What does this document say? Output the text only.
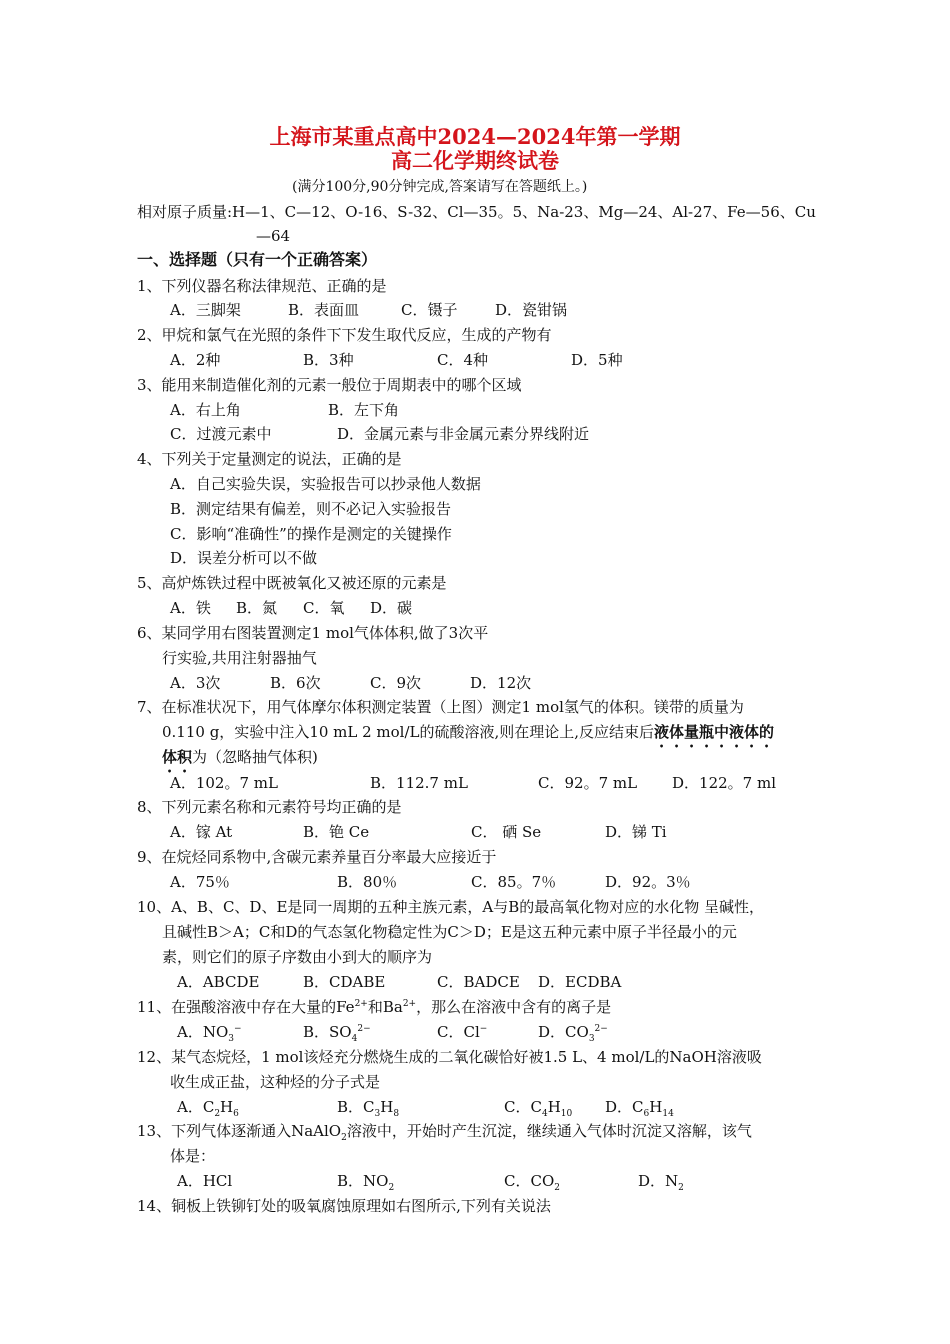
上海市某重点高中2024—2024年第一学期
高二化学期终试卷
(满分100分,90分钟完成,答案请写在答题纸上。)
相对原子质量:H—1、C—12、O-16、S-32、Cl—35。5、Na-23、Mg—24、Al-27、Fe—56、Cu
—64
一、选择题（只有一个正确答案）
1、下列仪器名称法律规范、正确的是
A．三脚架	B．表面皿	C．镊子	D．瓷钳锅
2、甲烷和氯气在光照的条件下下发生取代反应，生成的产物有
A．2种	B．3种	C．4种	D．5种
3、能用来制造催化剂的元素一般位于周期表中的哪个区域
A．右上角	B．左下角
C．过渡元素中	D．金属元素与非金属元素分界线附近
4、下列关于定量测定的说法，正确的是
A．自己实验失误，实验报告可以抄录他人数据
B．测定结果有偏差，则不必记入实验报告
C．影响“准确性”的操作是测定的关键操作
D．误差分析可以不做
5、高炉炼铁过程中既被氧化又被还原的元素是
A．铁 B．氮 C．氧 D．碳
6、某同学用右图装置测定1 mol气体体积,做了3次平
行实验,共用注射器抽气
A．3次	B．6次	C．9次	D．12次
7、在标准状况下，用气体摩尔体积测定装置（上图）测定1 mol氢气的体积。镁带的质量为
0.110 g，实验中注入10 mL 2 mol/L的硫酸溶液,则在理论上,反应结束后液体量瓶中液体的
体积为（忽略抽气体积)
A．102。7 mL	B．112.7 mL	C．92。7 mL D．122。7 ml
8、下列元素名称和元素符号均正确的是
A．镓 At	B．铯 Ce	C． 硒 Se	D．锑 Ti
9、在烷烃同系物中,含碳元素养量百分率最大应接近于
A．75％	B．80％	C．85。7％	D．92。3％
10、A、B、C、D、E是同一周期的五种主族元素，A与B的最高氧化物对应的水化物 呈碱性，
且碱性B＞A；C和D的气态氢化物稳定性为C＞D；E是这五种元素中原子半径最小的元
素，则它们的原子序数由小到大的顺序为
A．ABCDE	B．CDABE	C．BADCE D．ECDBA
11、在强酸溶液中存在大量的$Fe^{2+}$和$Ba^{2+}$，那么在溶液中含有的离子是
A．$NO_3^-$	B．$SO_4^{2-}$	C．Cl−	D．$CO_3^{2-}$
12、某气态烷烃，1 mol该烃充分燃烧生成的二氧化碳恰好被1.5 L、4 mol/L的NaOH溶液吸
收生成正盐，这种烃的分子式是
A．$C_2H_6$	B．$C_3H_8$	C．$C_4H_{10}$ D．$C_6H_{14}$
13、下列气体逐渐通入NaAlO$_2$溶液中，开始时产生沉淀，继续通入气体时沉淀又溶解，该气
体是：
A．HCl	B．$NO_2$	C．$CO_2$	D．$N_2$
14、铜板上铁铆钉处的吸氧腐蚀原理如右图所示,下列有关说法
